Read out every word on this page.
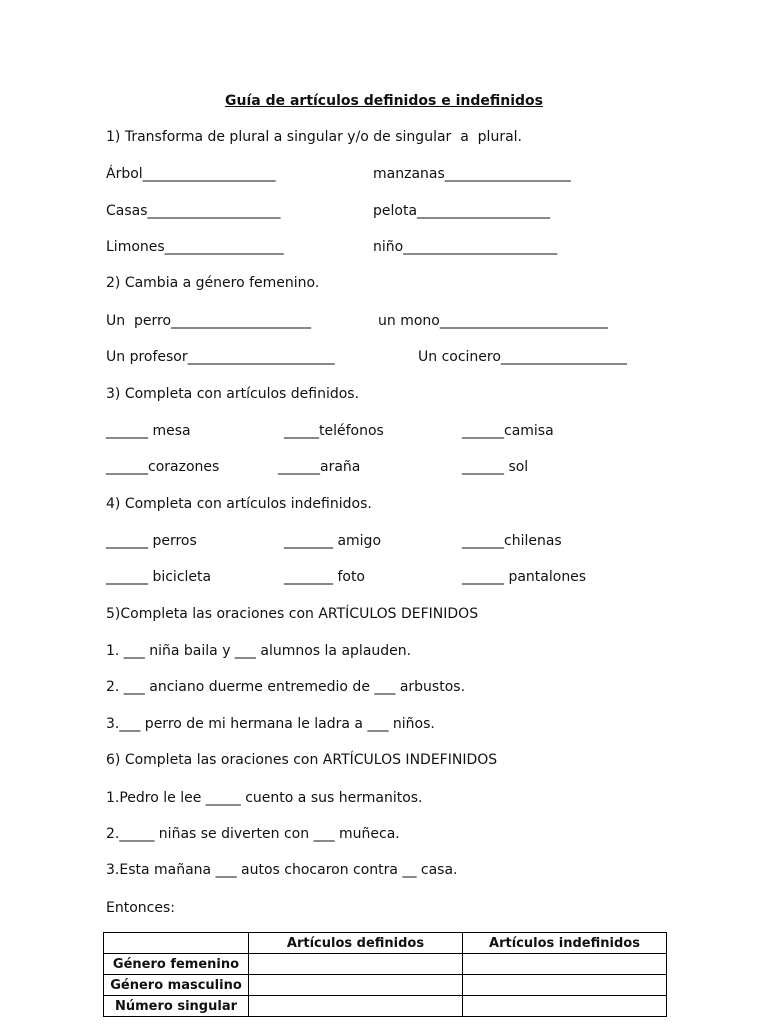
Guía de artículos definidos e indefinidos
1) Transforma de plural a singular y/o de singular  a  plural.
Árbol___________________	manzanas__________________
Casas___________________	pelota___________________
Limones_________________	niño______________________
2) Cambia a género femenino.
Un  perro____________________	un mono________________________
Un profesor_____________________	Un cocinero__________________
3) Completa con artículos definidos.
______ mesa	_____teléfonos	______camisa
______corazones	______araña	______ sol
4) Completa con artículos indefinidos.
______ perros	_______ amigo	______chilenas
______ bicicleta	_______ foto	______ pantalones
5)Completa las oraciones con ARTÍCULOS DEFINIDOS
1. ___ niña baila y ___ alumnos la aplauden.
2. ___ anciano duerme entremedio de ___ arbustos.
3.___ perro de mi hermana le ladra a ___ niños.
6) Completa las oraciones con ARTÍCULOS INDEFINIDOS
1.Pedro le lee _____ cuento a sus hermanitos.
2._____ niñas se diverten con ___ muñeca.
3.Esta mañana ___ autos chocaron contra __ casa.
Entonces:
	Artículos definidos	Artículos indefinidos
Género femenino		
Género masculino		
Número singular		
